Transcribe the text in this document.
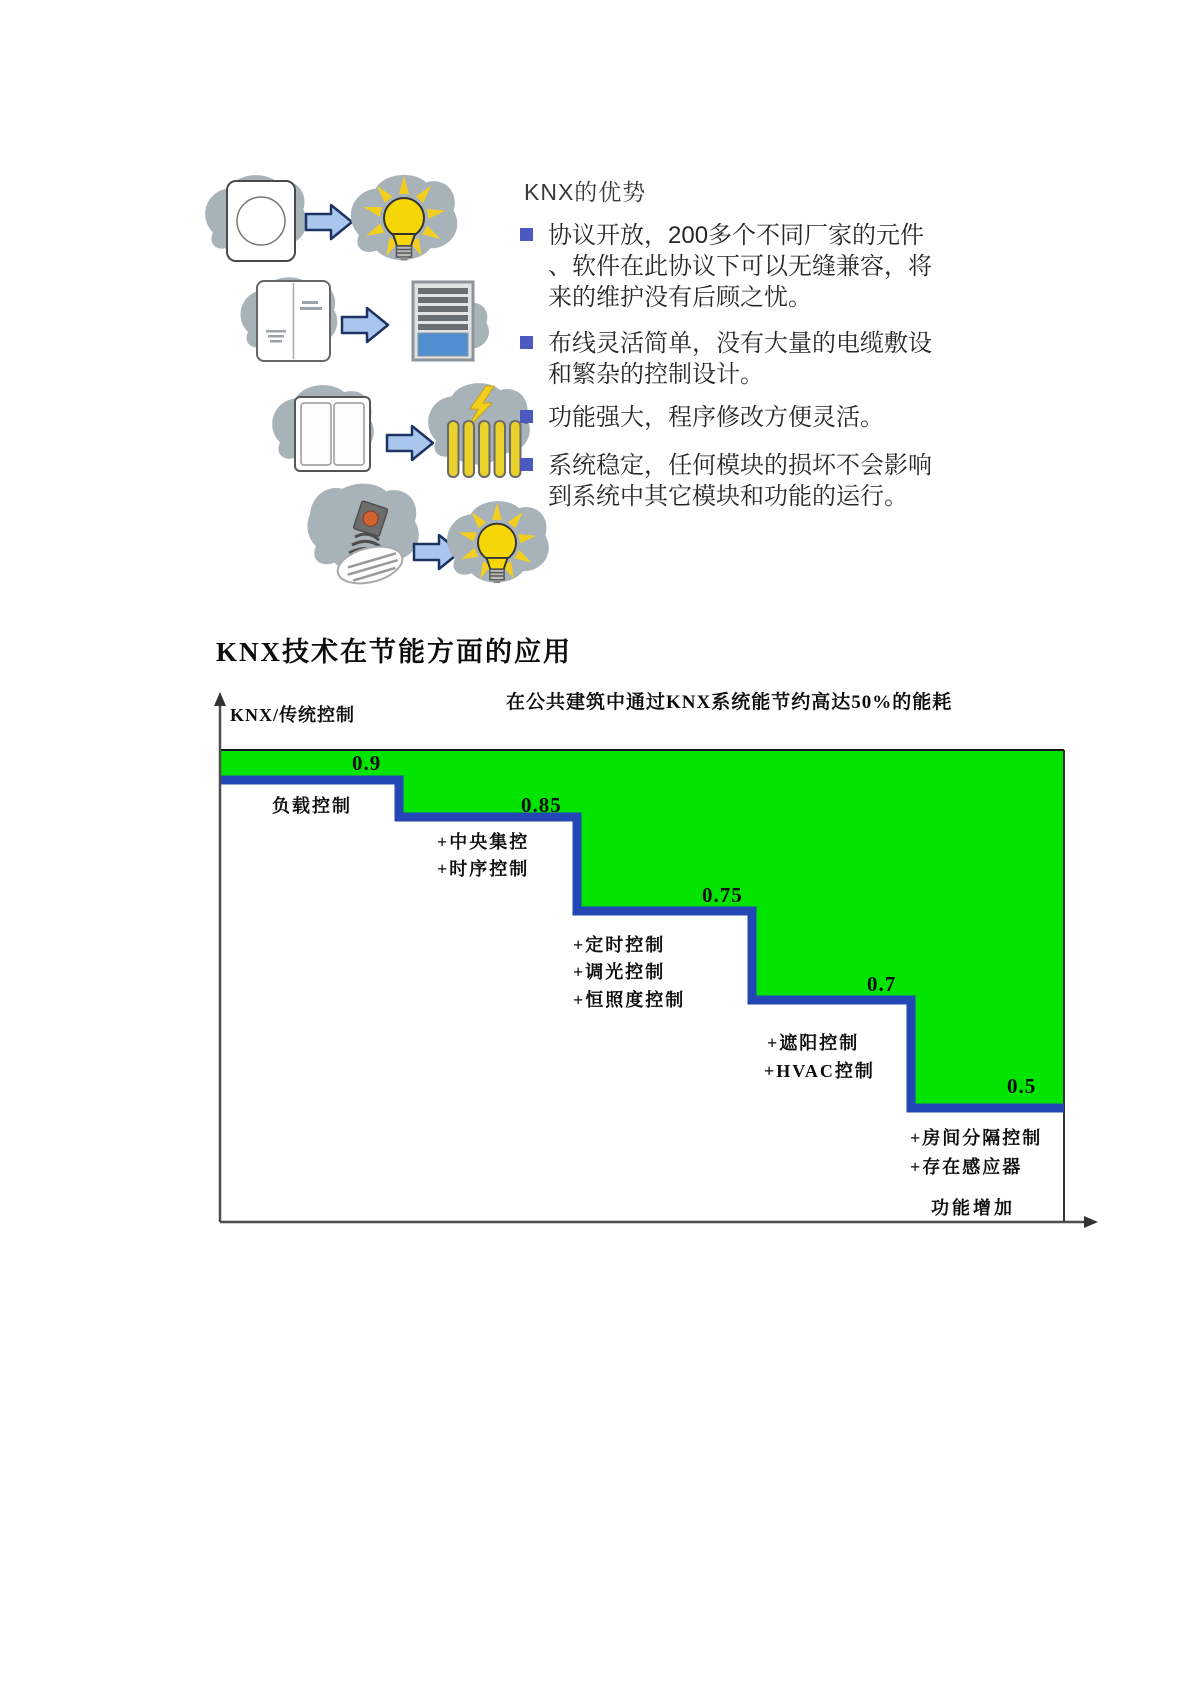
KNX的优势
协议开放，200多个不同厂家的元件
、软件在此协议下可以无缝兼容，将
来的维护没有后顾之忧。
布线灵活简单，没有大量的电缆敷设
和繁杂的控制设计。
功能强大，程序修改方便灵活。
系统稳定，任何模块的损坏不会影响
到系统中其它模块和功能的运行。
KNX技术在节能方面的应用
在公共建筑中通过KNX系统能节约高达50%的能耗
KNX/传统控制
0.9
负载控制	0.85
+中央集控
+时序控制
0.75
+定时控制
+调光控制
+恒照度控制
0.7
+遮阳控制
+HVAC控制
0.5
+房间分隔控制
+存在感应器
功能增加
